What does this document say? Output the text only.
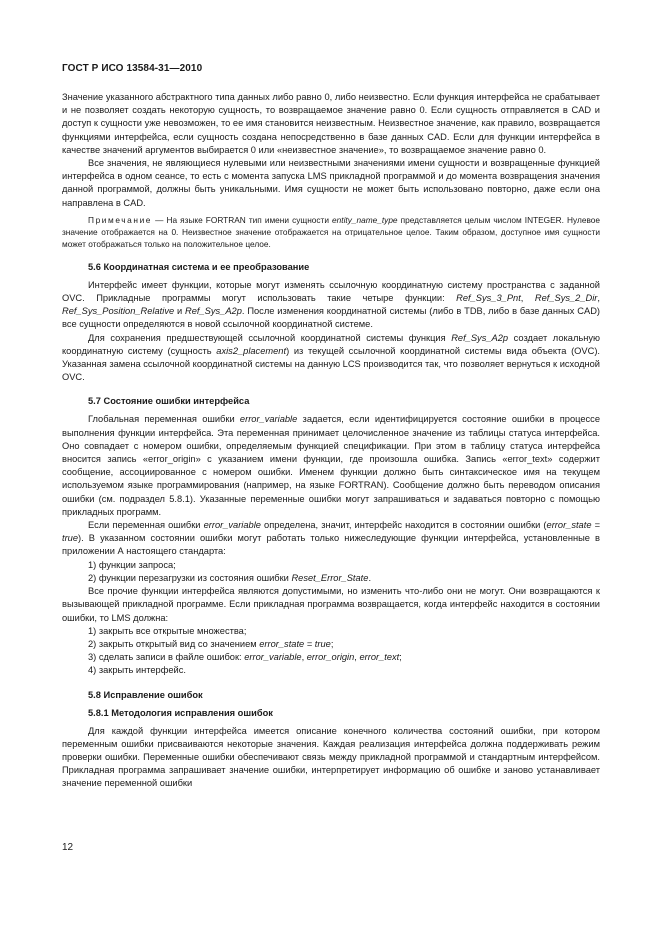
ГОСТ Р ИСО 13584-31—2010

Значение указанного абстрактного типа данных либо равно 0, либо неизвестно. Если функция интерфейса не срабатывает и не позволяет создать некоторую сущность, то возвращаемое значение равно 0. Если сущность отправляется в CAD и доступ к сущности уже невозможен, то ее имя становится неизвестным. Неизвестное значение, как правило, возвращается функциями интерфейса, если сущность создана непосредственно в базе данных CAD. Если для функции интерфейса в качестве значений аргументов выбирается 0 или «неизвестное значение», то возвращаемое значение равно 0.

Все значения, не являющиеся нулевыми или неизвестными значениями имени сущности и возвращенные функцией интерфейса в одном сеансе, то есть с момента запуска LMS прикладной программой и до момента возвращения значения данной программой, должны быть уникальными. Имя сущности не может быть использовано повторно, даже если она направлена в CAD.

Примечание — На языке FORTRAN тип имени сущности entity_name_type представляется целым числом INTEGER. Нулевое значение отображается на 0. Неизвестное значение отображается на отрицательное целое. Таким образом, доступное имя сущности может отображаться только на положительное целое.

5.6 Координатная система и ее преобразование

Интерфейс имеет функции, которые могут изменять ссылочную координатную систему пространства с заданной OVC. Прикладные программы могут использовать такие четыре функции: Ref_Sys_3_Pnt, Ref_Sys_2_Dir, Ref_Sys_Position_Relative и Ref_Sys_A2p. После изменения координатной системы (либо в TDB, либо в базе данных CAD) все сущности определяются в новой ссылочной координатной системе.

Для сохранения предшествующей ссылочной координатной системы функция Ref_Sys_A2p создает локальную координатную систему (сущность axis2_placement) из текущей ссылочной координатной системы вида объекта (OVC). Указанная замена ссылочной координатной системы на данную LCS производится так, что позволяет вернуться к исходной OVC.

5.7 Состояние ошибки интерфейса

Глобальная переменная ошибки error_variable задается, если идентифицируется состояние ошибки в процессе выполнения функции интерфейса. Эта переменная принимает целочисленное значение из таблицы статуса интерфейса. Оно совпадает с номером ошибки, определяемым функцией спецификации. При этом в таблицу статуса интерфейса вносится запись «error_origin» с указанием имени функции, где произошла ошибка. Запись «error_text» содержит сообщение, ассоциированное с номером ошибки. Именем функции должно быть синтаксическое имя на текущем используемом языке программирования (например, на языке FORTRAN). Сообщение должно быть переводом описания ошибки (см. подраздел 5.8.1). Указанные переменные ошибки могут запрашиваться и задаваться повторно с помощью прикладных программ.

Если переменная ошибки error_variable определена, значит, интерфейс находится в состоянии ошибки (error_state = true). В указанном состоянии ошибки могут работать только нижеследующие функции интерфейса, установленные в приложении А настоящего стандарта:

1) функции запроса;

2) функции перезагрузки из состояния ошибки Reset_Error_State.

Все прочие функции интерфейса являются допустимыми, но изменить что-либо они не могут. Они возвращаются к вызывающей прикладной программе. Если прикладная программа возвращается, когда интерфейс находится в состоянии ошибки, то LMS должна:

1) закрыть все открытые множества;

2) закрыть открытый вид со значением error_state = true;

3) сделать записи в файле ошибок: error_variable, error_origin, error_text;

4) закрыть интерфейс.

5.8 Исправление ошибок
5.8.1 Методология исправления ошибок

Для каждой функции интерфейса имеется описание конечного количества состояний ошибки, при котором переменным ошибки присваиваются некоторые значения. Каждая реализация интерфейса должна поддерживать режим проверки ошибки. Переменные ошибки обеспечивают связь между прикладной программой и стандартным интерфейсом. Прикладная программа запрашивает значение ошибки, интерпретирует информацию об ошибке и заново устанавливает значение переменной ошибки

12
